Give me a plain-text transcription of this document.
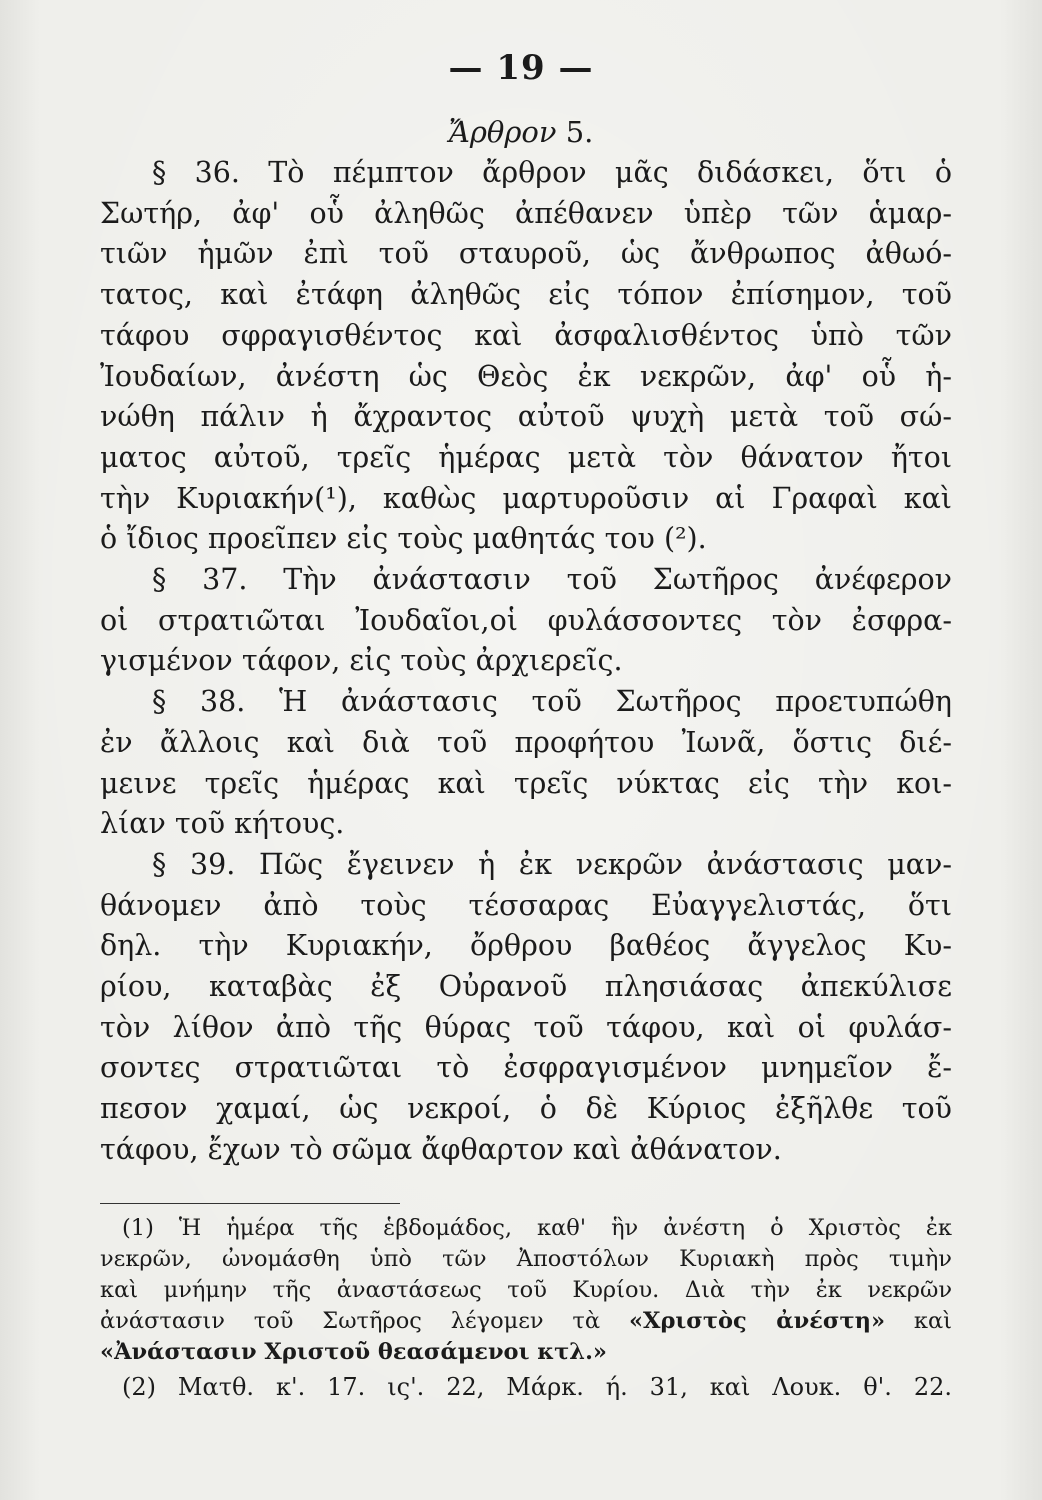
— 19 —
Ἄρθρον 5.
§ 36. Τὸ πέμπτον ἄρθρον μᾶς διδάσκει, ὅτι ὁ
Σωτήρ, ἀφ' οὗ ἀληθῶς ἀπέθανεν ὑπὲρ τῶν ἁμαρ-
τιῶν ἡμῶν ἐπὶ τοῦ σταυροῦ, ὡς ἄνθρωπος ἀθωό-
τατος, καὶ ἐτάφη ἀληθῶς εἰς τόπον ἐπίσημον, τοῦ
τάφου σφραγισθέντος καὶ ἀσφαλισθέντος ὑπὸ τῶν
Ἰουδαίων, ἀνέστη ὡς Θεὸς ἐκ νεκρῶν, ἀφ' οὗ ἡ-
νώθη πάλιν ἡ ἄχραντος αὐτοῦ ψυχὴ μετὰ τοῦ σώ-
ματος αὐτοῦ, τρεῖς ἡμέρας μετὰ τὸν θάνατον ἤτοι
τὴν Κυριακήν(¹), καθὼς μαρτυροῦσιν αἱ Γραφαὶ καὶ
ὁ ἴδιος προεῖπεν εἰς τοὺς μαθητάς του (²).
§ 37. Τὴν ἀνάστασιν τοῦ Σωτῆρος ἀνέφερον
οἱ στρατιῶται Ἰουδαῖοι,οἱ φυλάσσοντες τὸν ἐσφρα-
γισμένον τάφον, εἰς τοὺς ἀρχιερεῖς.
§ 38. Ἡ ἀνάστασις τοῦ Σωτῆρος προετυπώθη
ἐν ἄλλοις καὶ διὰ τοῦ προφήτου Ἰωνᾶ, ὅστις διέ-
μεινε τρεῖς ἡμέρας καὶ τρεῖς νύκτας εἰς τὴν κοι-
λίαν τοῦ κήτους.
§ 39. Πῶς ἔγεινεν ἡ ἐκ νεκρῶν ἀνάστασις μαν-
θάνομεν ἀπὸ τοὺς τέσσαρας Εὐαγγελιστάς, ὅτι
δηλ. τὴν Κυριακήν, ὄρθρου βαθέος ἄγγελος Κυ-
ρίου, καταβὰς ἐξ Οὐρανοῦ πλησιάσας ἀπεκύλισε
τὸν λίθον ἀπὸ τῆς θύρας τοῦ τάφου, καὶ οἱ φυλάσ-
σοντες στρατιῶται τὸ ἐσφραγισμένον μνημεῖον ἔ-
πεσον χαμαί, ὡς νεκροί, ὁ δὲ Κύριος ἐξῆλθε τοῦ
τάφου, ἔχων τὸ σῶμα ἄφθαρτον καὶ ἀθάνατον.
(1) Ἡ ἡμέρα τῆς ἑβδομάδος, καθ' ἣν ἀνέστη ὁ Χριστὸς ἐκ
νεκρῶν, ὠνομάσθη ὑπὸ τῶν Ἀποστόλων Κυριακὴ πρὸς τιμὴν
καὶ μνήμην τῆς ἀναστάσεως τοῦ Κυρίου. Διὰ τὴν ἐκ νεκρῶν
ἀνάστασιν τοῦ Σωτῆρος λέγομεν τὰ «Χριστὸς ἀνέστη» καὶ
«Ἀνάστασιν Χριστοῦ θεασάμενοι κτλ.»
(2) Ματθ. κ'. 17. ις'. 22, Μάρκ. ή. 31, καὶ Λουκ. θ'. 22.
